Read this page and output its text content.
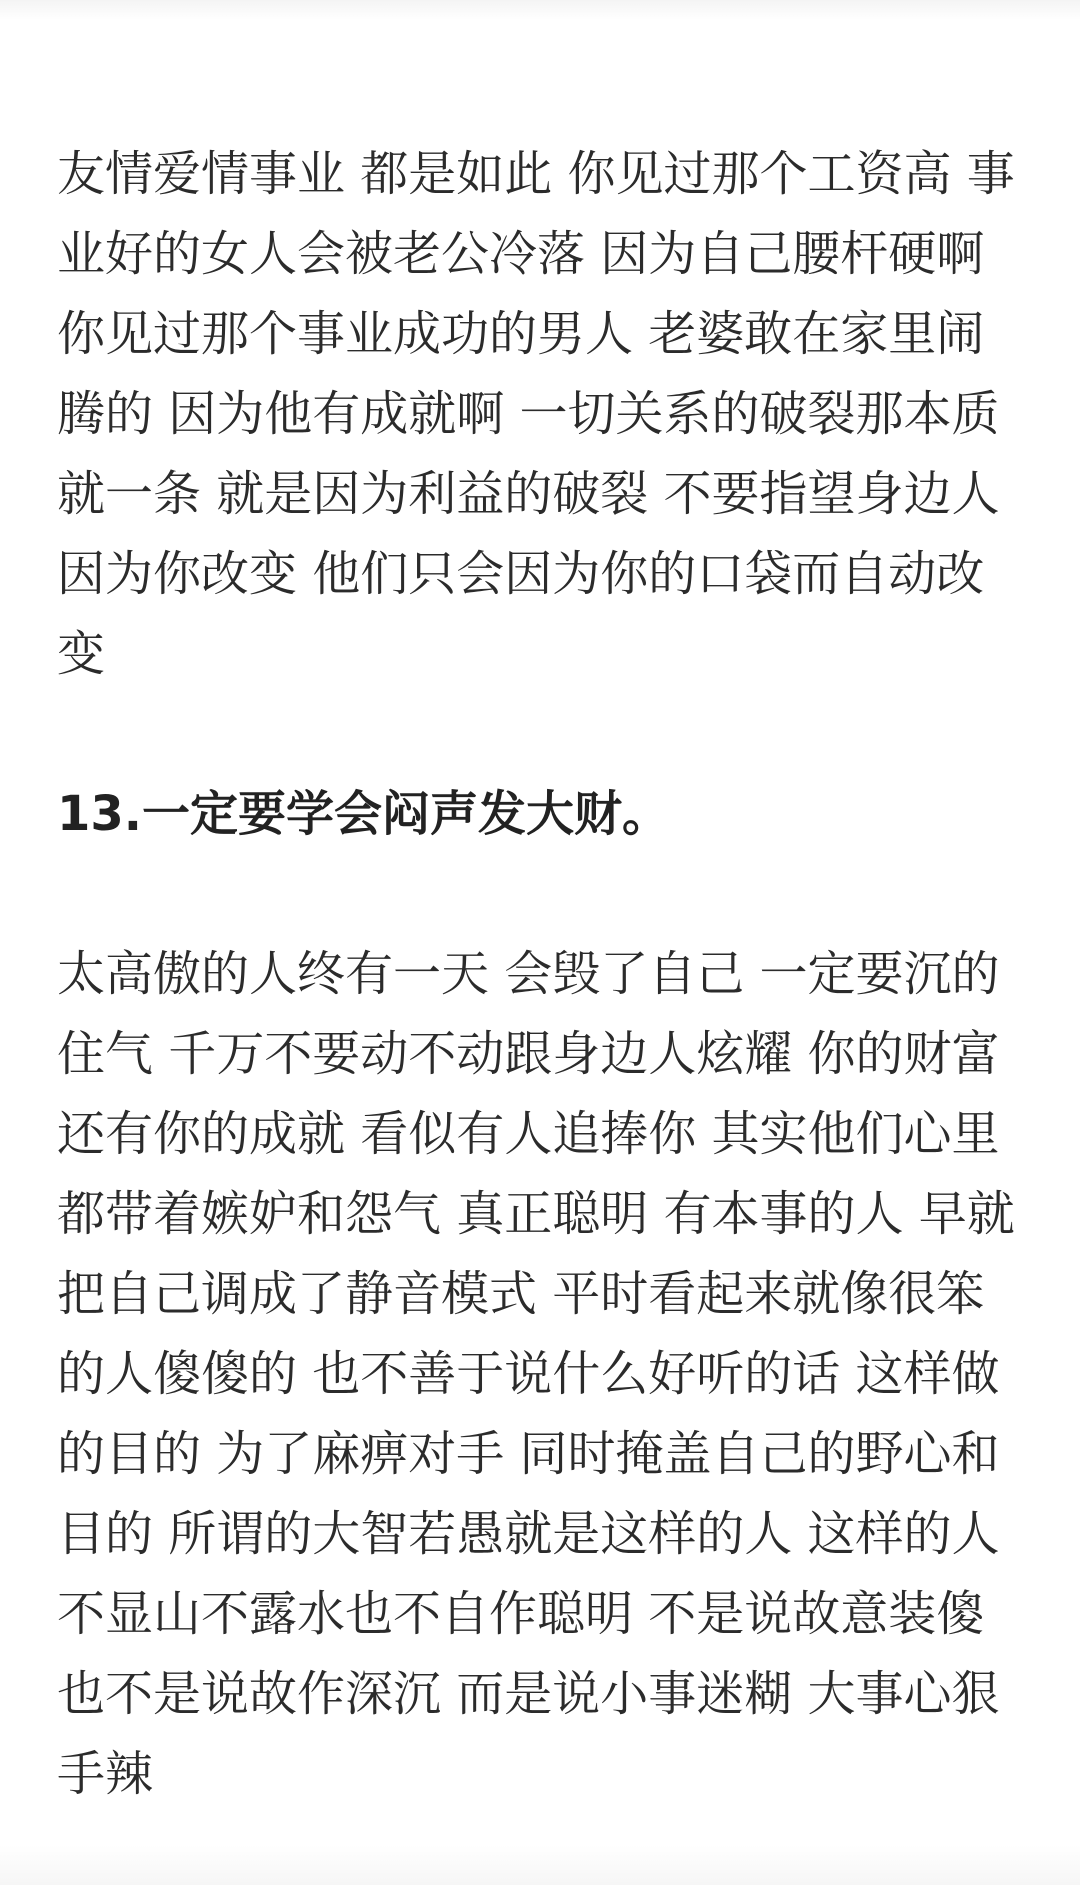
友情爱情事业 都是如此 你见过那个工资高 事
业好的女人会被老公冷落 因为自己腰杆硬啊
你见过那个事业成功的男人 老婆敢在家里闹
腾的 因为他有成就啊 一切关系的破裂那本质
就一条 就是因为利益的破裂 不要指望身边人
因为你改变 他们只会因为你的口袋而自动改
变
13.一定要学会闷声发大财。
太高傲的人终有一天 会毁了自己 一定要沉的
住气 千万不要动不动跟身边人炫耀 你的财富
还有你的成就 看似有人追捧你 其实他们心里
都带着嫉妒和怨气 真正聪明 有本事的人 早就
把自己调成了静音模式 平时看起来就像很笨
的人傻傻的 也不善于说什么好听的话 这样做
的目的 为了麻痹对手 同时掩盖自己的野心和
目的 所谓的大智若愚就是这样的人 这样的人
不显山不露水也不自作聪明 不是说故意装傻
也不是说故作深沉 而是说小事迷糊 大事心狠
手辣
